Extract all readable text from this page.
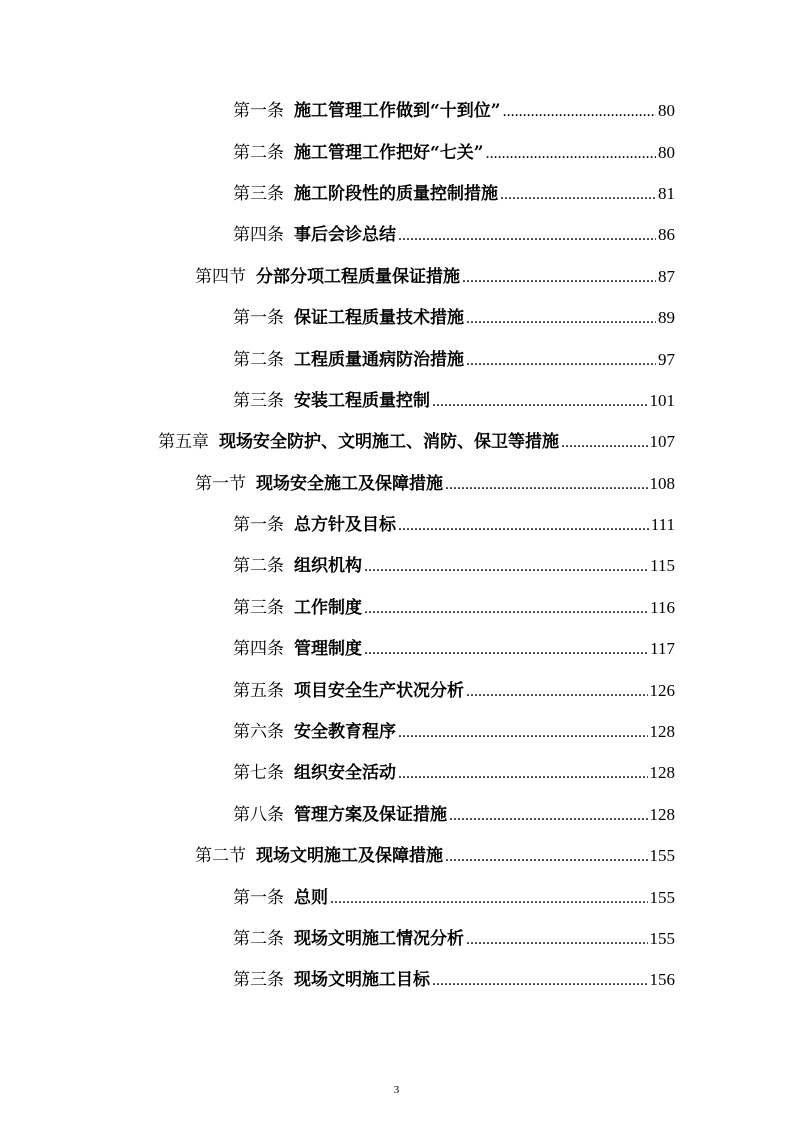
第一条 施工管理工作做到“十到位” .....	80
第二条 施工管理工作把好“七关” .....	80
第三条 施工阶段性的质量控制措施 .....	81
第四条 事后会诊总结 .....	86
第四节 分部分项工程质量保证措施 .....	87
第一条 保证工程质量技术措施 .....	89
第二条 工程质量通病防治措施 .....	97
第三条 安装工程质量控制 .....	101
第五章 现场安全防护、文明施工、消防、保卫等措施 .....	107
第一节 现场安全施工及保障措施 .....	108
第一条 总方针及目标 .....	111
第二条 组织机构 .....	115
第三条 工作制度 .....	116
第四条 管理制度 .....	117
第五条 项目安全生产状况分析 .....	126
第六条 安全教育程序 .....	128
第七条 组织安全活动 .....	128
第八条 管理方案及保证措施 .....	128
第二节 现场文明施工及保障措施 .....	155
第一条 总则 .....	155
第二条 现场文明施工情况分析 .....	155
第三条 现场文明施工目标 .....	156
3
